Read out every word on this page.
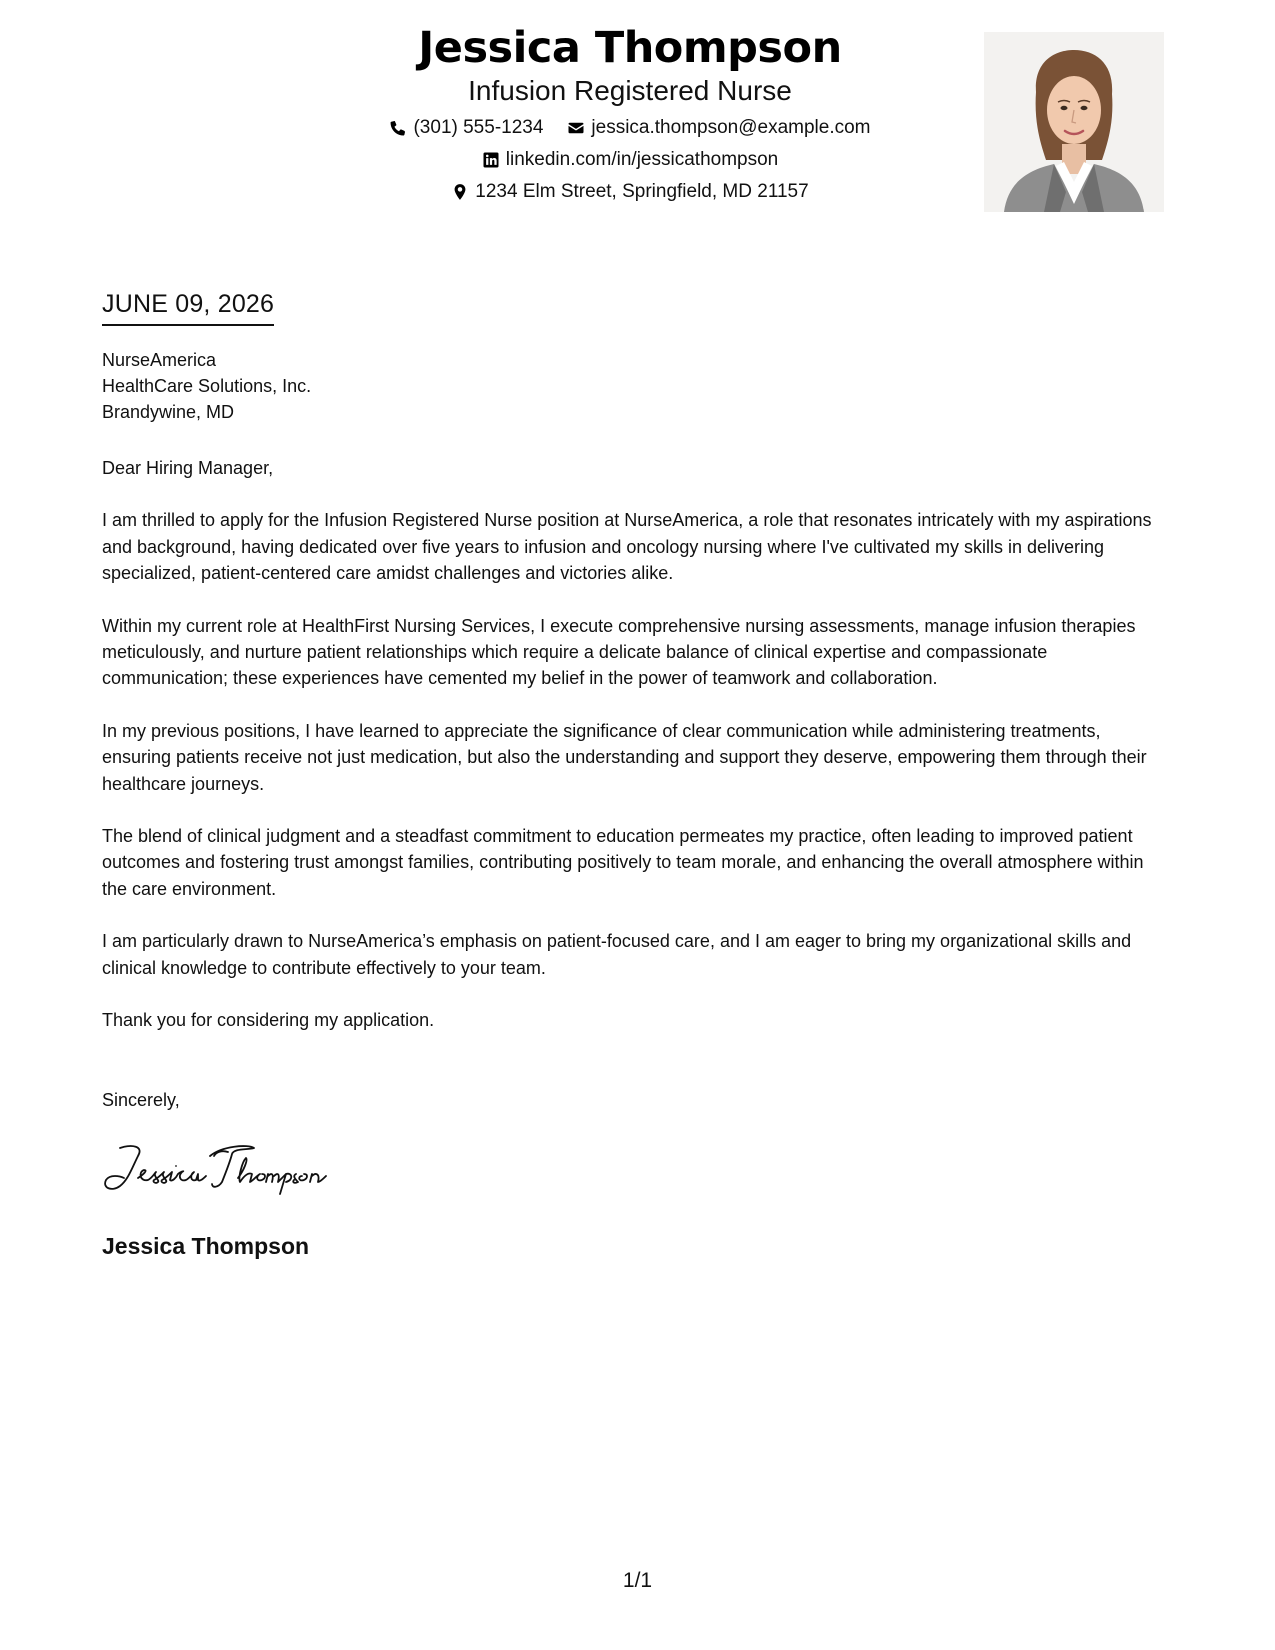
Jessica Thompson
Infusion Registered Nurse
(301) 555-1234	jessica.thompson@example.com
linkedin.com/in/jessicathompson
1234 Elm Street, Springfield, MD 21157
JUNE 09, 2026
NurseAmerica
HealthCare Solutions, Inc.
Brandywine, MD

Dear Hiring Manager,

I am thrilled to apply for the Infusion Registered Nurse position at NurseAmerica, a role that resonates intricately with my aspirations and background, having dedicated over five years to infusion and oncology nursing where I've cultivated my skills in delivering specialized, patient-centered care amidst challenges and victories alike.

Within my current role at HealthFirst Nursing Services, I execute comprehensive nursing assessments, manage infusion therapies meticulously, and nurture patient relationships which require a delicate balance of clinical expertise and compassionate communication; these experiences have cemented my belief in the power of teamwork and collaboration.

In my previous positions, I have learned to appreciate the significance of clear communication while administering treatments, ensuring patients receive not just medication, but also the understanding and support they deserve, empowering them through their healthcare journeys.

The blend of clinical judgment and a steadfast commitment to education permeates my practice, often leading to improved patient outcomes and fostering trust amongst families, contributing positively to team morale, and enhancing the overall atmosphere within the care environment.

I am particularly drawn to NurseAmerica’s emphasis on patient-focused care, and I am eager to bring my organizational skills and clinical knowledge to contribute effectively to your team.

Thank you for considering my application.

Sincerely,
Jessica Thompson
1/1
